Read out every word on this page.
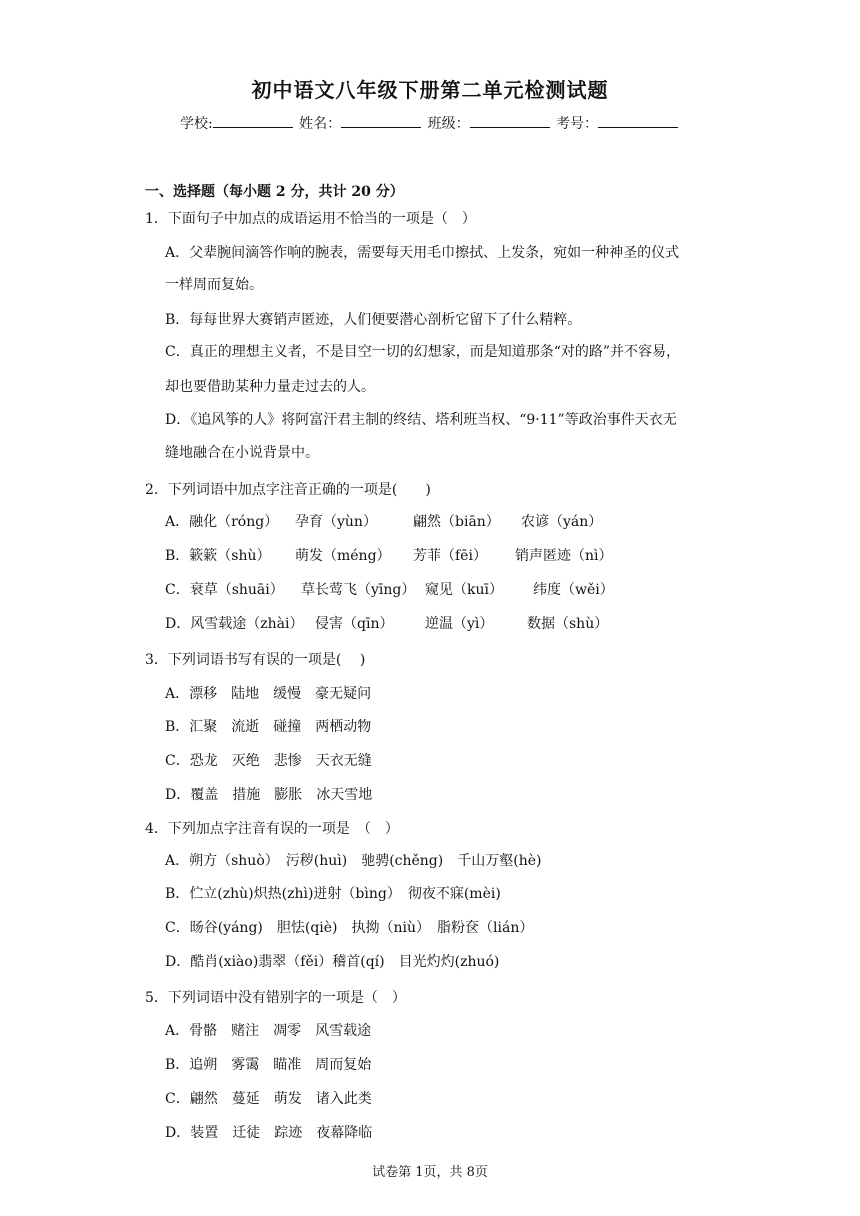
初中语文八年级下册第二单元检测试题
学校:	姓名：	班级：	考号：
一、选择题（每小题 2 分，共计 20 分）
1．下面句子中加点的成语运用不恰当的一项是（　）
A．父辈腕间滴答作响的腕表，需要每天用毛巾擦拭、上发条，宛如一种神圣的仪式
一样周而复始。
B．每每世界大赛销声匿迹，人们便要潜心剖析它留下了什么精粹。
C．真正的理想主义者，不是目空一切的幻想家，而是知道那条“对的路”并不容易，
却也要借助某种力量走过去的人。
D．《追风筝的人》将阿富汗君主制的终结、塔利班当权、“9·11”等政治事件天衣无
缝地融合在小说背景中。
2．下列词语中加点字注音正确的一项是(　　)
A．融化（róng） 孕育（yùn）	翩然（biān） 农谚（yán）
B．簌簌（shù） 萌发（méng） 芳菲（fēi） 销声匿迹（nì）
C．衰草（shuāi） 草长莺飞（yīng） 窥见（kuī） 纬度（wěi）
D．风雪载途（zhài） 侵害（qīn） 逆温（yì） 数据（shù）
3．下列词语书写有误的一项是(　 )
A．漂移　陆地　缓慢　豪无疑问
B．汇聚　流逝　碰撞　两栖动物
C．恐龙　灭绝　悲惨　天衣无缝
D．覆盖　措施　膨胀　冰天雪地
4．下列加点字注音有误的一项是　（　）
A．朔方（shuò）　污秽(huì)　驰骋(chěng)　千山万壑(hè)
B．伫立(zhù)炽热(zhì)迸射（bìng）　彻夜不寐(mèi)
C．旸谷(yáng)　胆怯(qiè)　执拗（niù）　脂粉奁（lián）
D．酷肖(xiào)翡翠（fěi）稽首(qí)　目光灼灼(zhuó)
5．下列词语中没有错别字的一项是（　）
A．骨骼　赌注　凋零　风雪载途
B．追朔　雾霭　瞄准　周而复始
C．翩然　蔓延　萌发　诸入此类
D．装置　迁徒　踪迹　夜幕降临
试卷第 1页，共 8页
